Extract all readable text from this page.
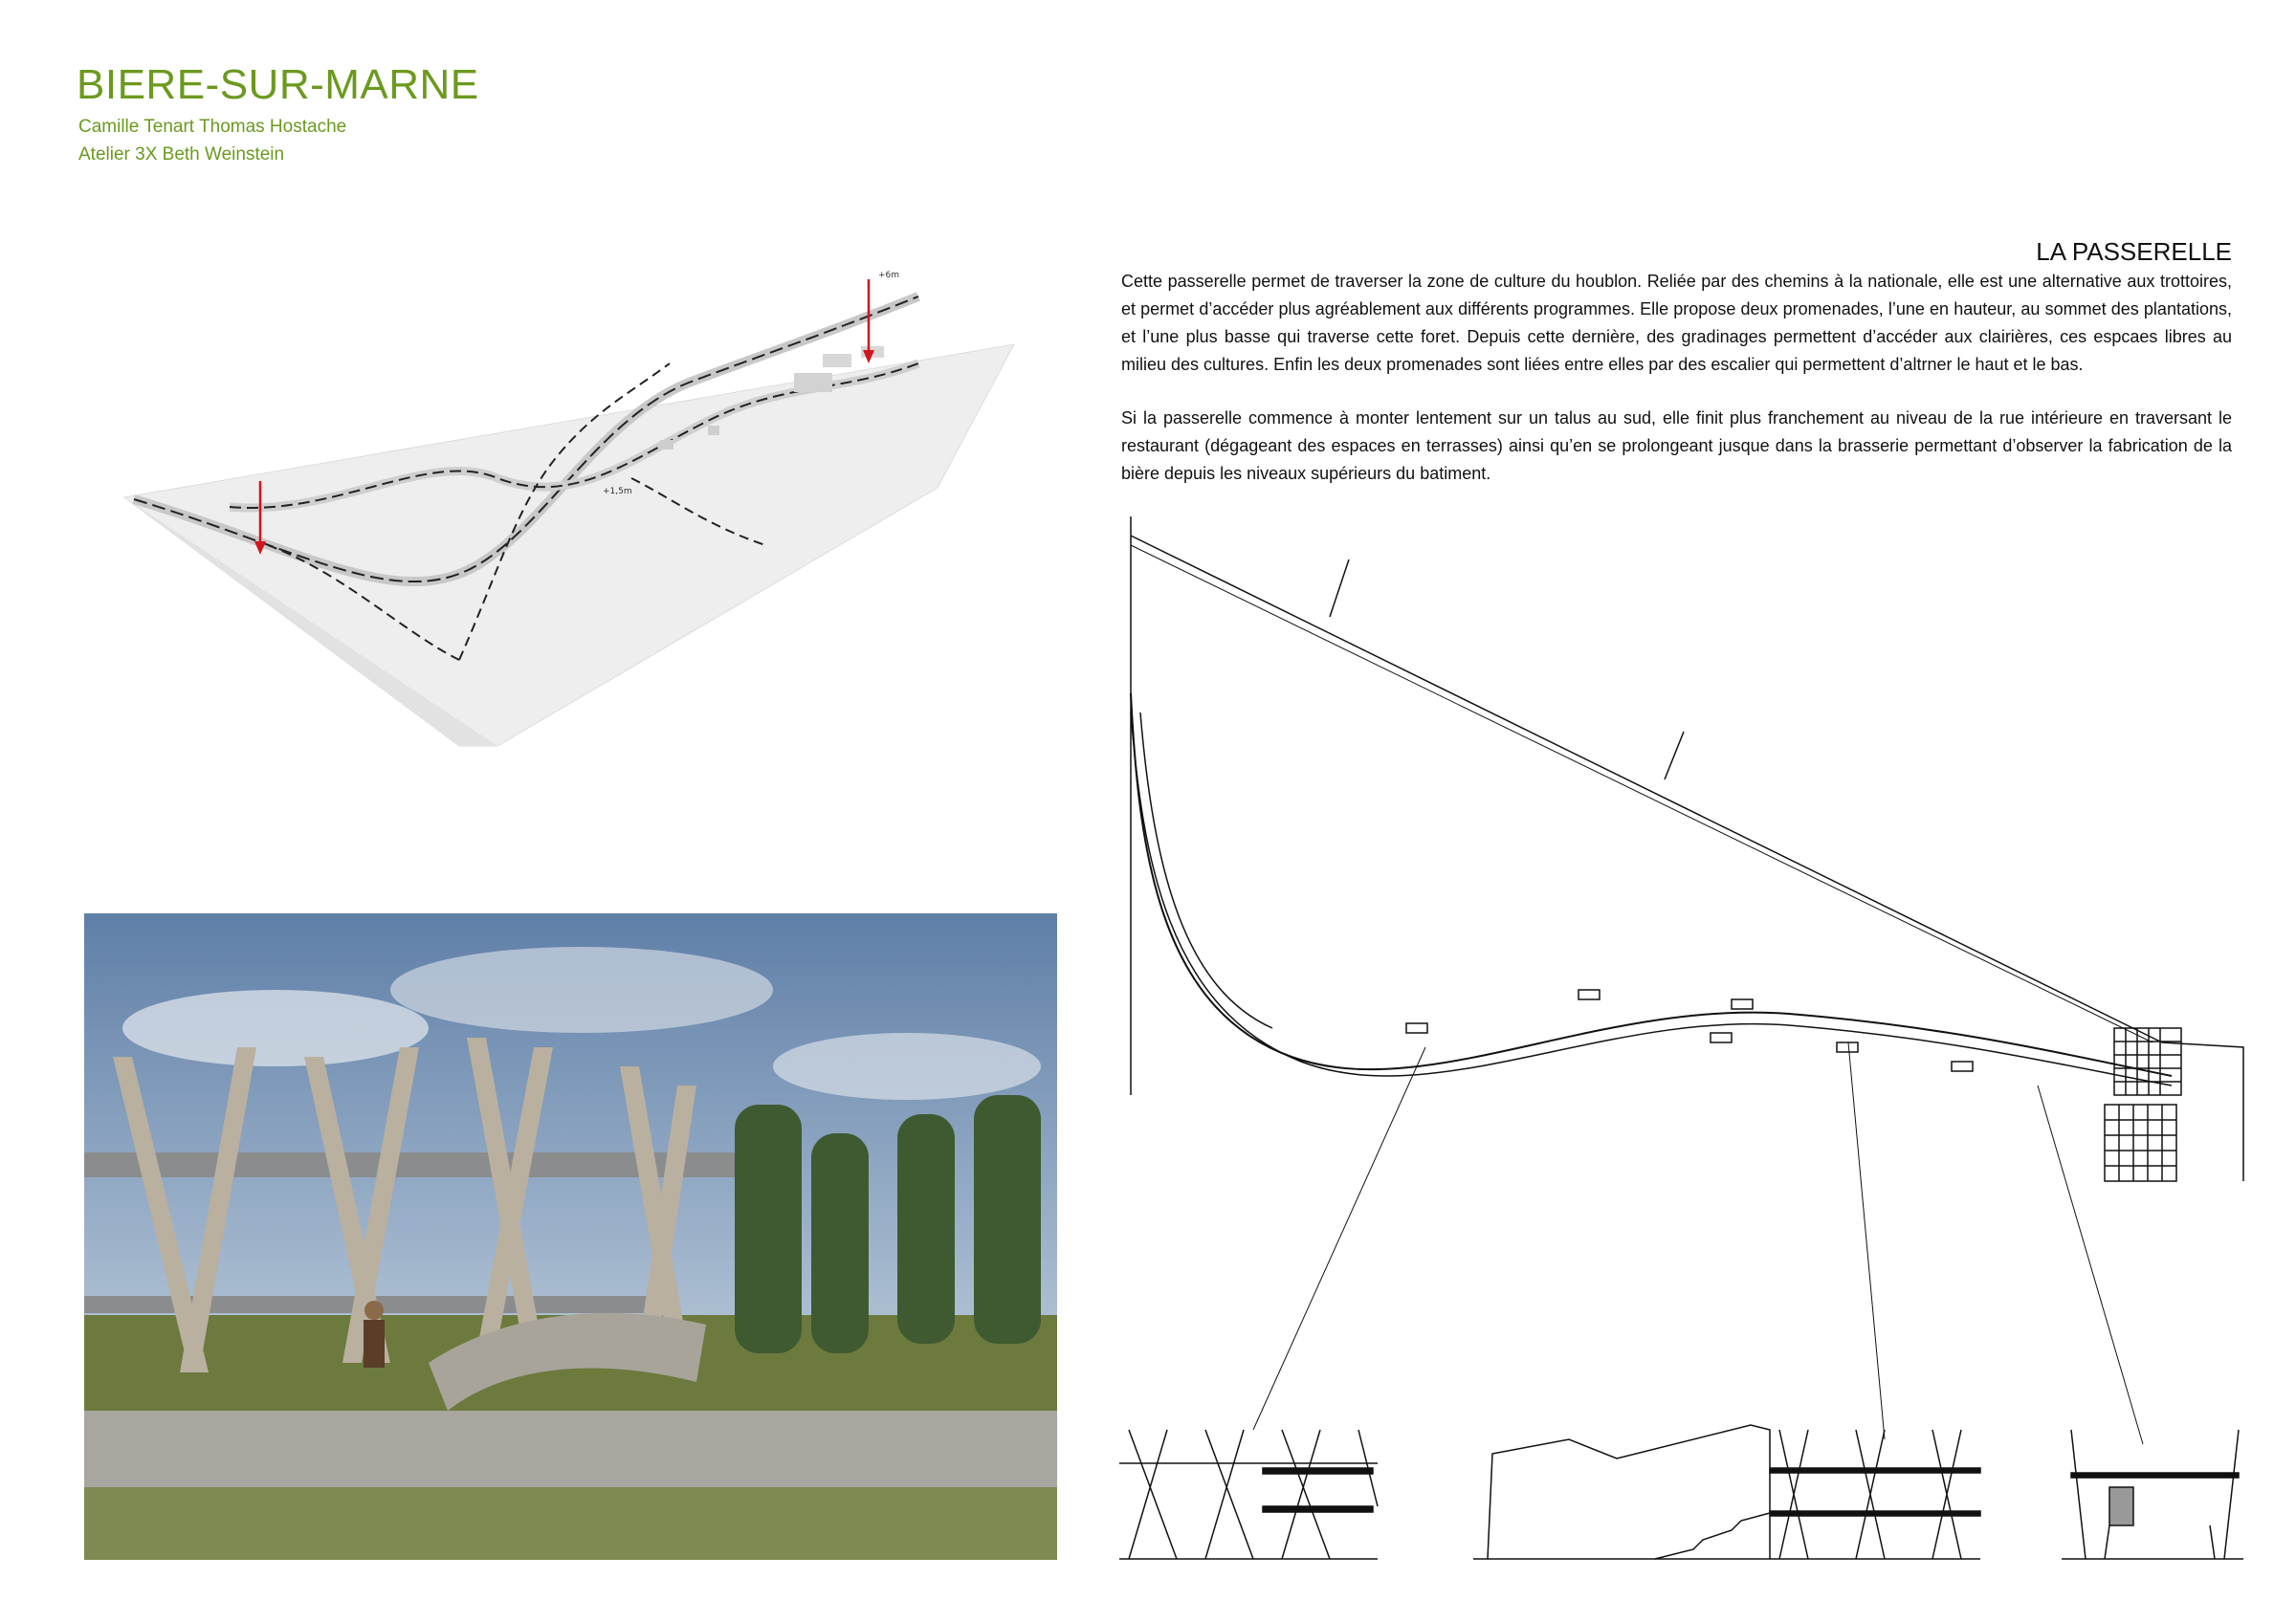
BIERE-SUR-MARNE
Camille Tenart Thomas Hostache
Atelier 3X Beth Weinstein
+6m
+1,5m
LA PASSERELLE
Cette passerelle permet de traverser la zone de culture du houblon. Reliée par des chemins à la nationale, elle est une alternative aux trottoires, et permet d’accéder plus agréablement aux différents programmes. Elle propose deux promenades, l’une en hauteur, au sommet des plantations, et l’une plus basse qui traverse cette foret. Depuis cette dernière, des gradinages permettent d’accéder aux clairières, ces espcaes libres au milieu des cultures. Enfin les deux promenades sont liées entre elles par des escalier qui permettent d’altrner le haut et le bas.
Si la passerelle commence à monter lentement sur un talus au sud, elle finit plus franchement au niveau de la rue intérieure en traversant le restaurant (dégageant des espaces en terrasses) ainsi qu’en se prolongeant jusque dans la brasserie permettant d’observer la fabrication de la bière depuis les niveaux supérieurs du batiment.
